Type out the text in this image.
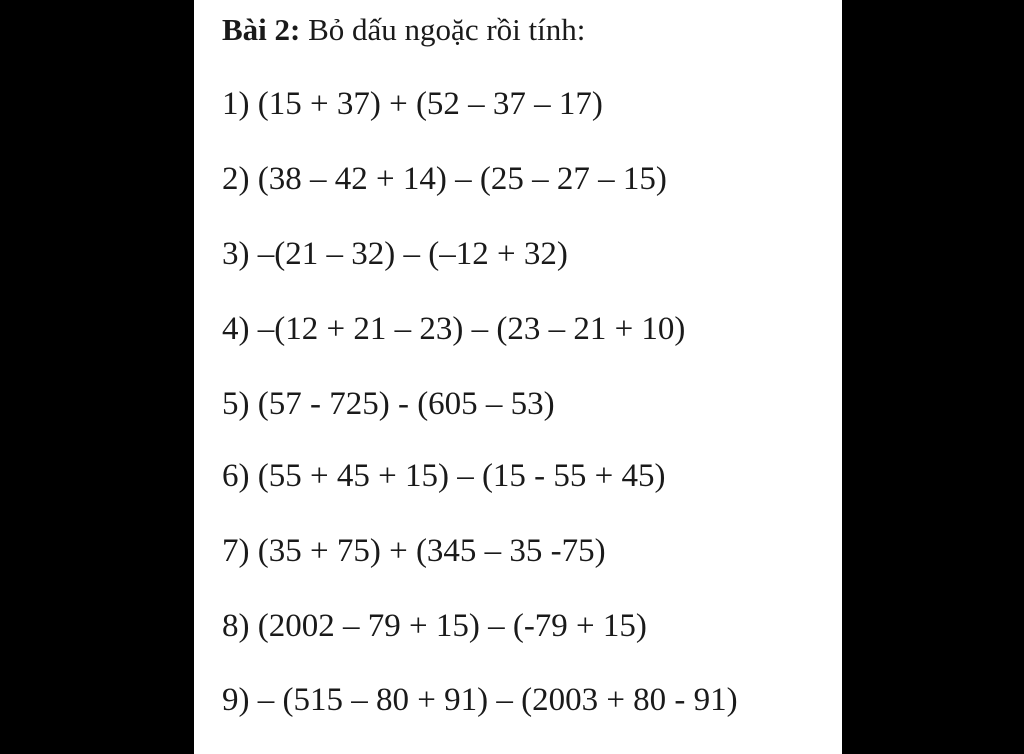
Bài 2: Bỏ dấu ngoặc rồi tính:
1) (15 + 37) + (52 – 37 – 17)
2) (38 – 42 + 14) – (25 – 27 – 15)
3) –(21 – 32) – (–12 + 32)
4) –(12 + 21 – 23) – (23 – 21 + 10)
5) (57 - 725) - (605 – 53)
6) (55 + 45 + 15) – (15 - 55 + 45)
7) (35 + 75) + (345 – 35 -75)
8) (2002 – 79 + 15) – (-79 + 15)
9) – (515 – 80 + 91) – (2003 + 80 - 91)
